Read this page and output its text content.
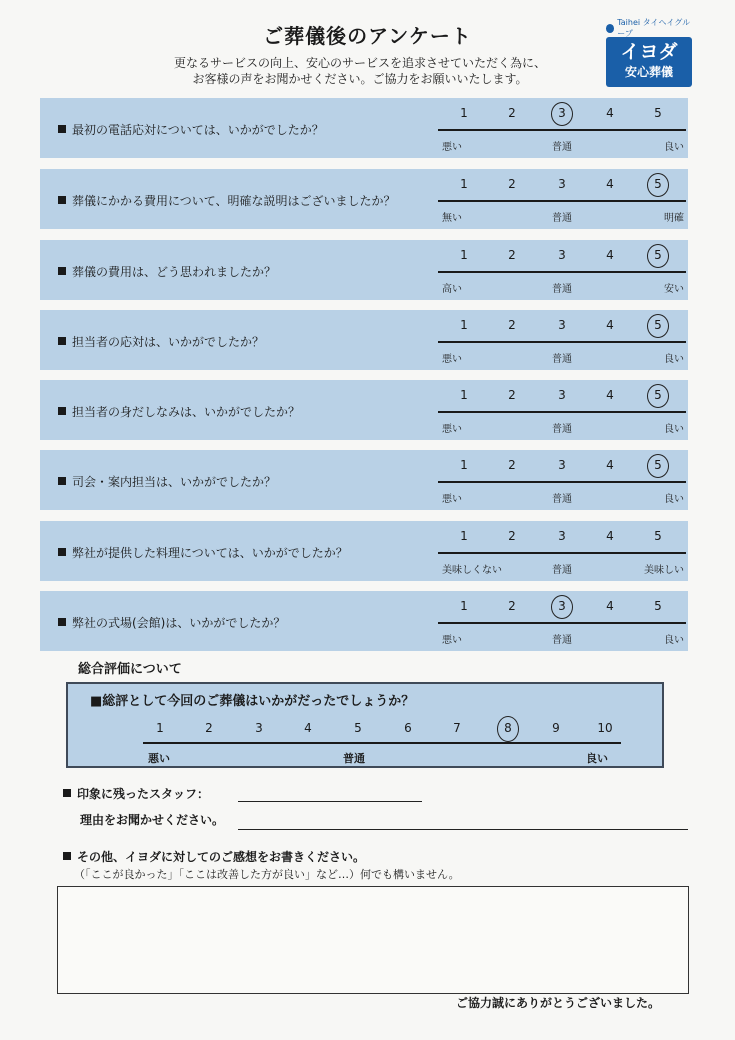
ご葬儀後のアンケート
更なるサービスの向上、安心のサービスを追求させていただく為に、
お客様の声をお聞かせください。ご協力をお願いいたします。
Taihei タイヘイグループ
イヨダ
安心葬儀
最初の電話応対については、いかがでしたか？
1	2	3	4	5
悪い	普通	良い
葬儀にかかる費用について、明確な説明はございましたか？
1	2	3	4	5
無い	普通	明確
葬儀の費用は、どう思われましたか？
1	2	3	4	5
高い	普通	安い
担当者の応対は、いかがでしたか？
1	2	3	4	5
悪い	普通	良い
担当者の身だしなみは、いかがでしたか？
1	2	3	4	5
悪い	普通	良い
司会・案内担当は、いかがでしたか？
1	2	3	4	5
悪い	普通	良い
弊社が提供した料理については、いかがでしたか？
1	2	3	4	5
美味しくない	普通	美味しい
弊社の式場(会館)は、いかがでしたか？
1	2	3	4	5
悪い	普通	良い
総合評価について
■総評として今回のご葬儀はいかがだったでしょうか？
1	2	3	4	5	6	7	8	9	10
悪い	普通	良い
印象に残ったスタッフ：
理由をお聞かせください。
その他、イヨダに対してのご感想をお書きください。
（「ここが良かった」「ここは改善した方が良い」など…）何でも構いません。
ご協力誠にありがとうございました。
